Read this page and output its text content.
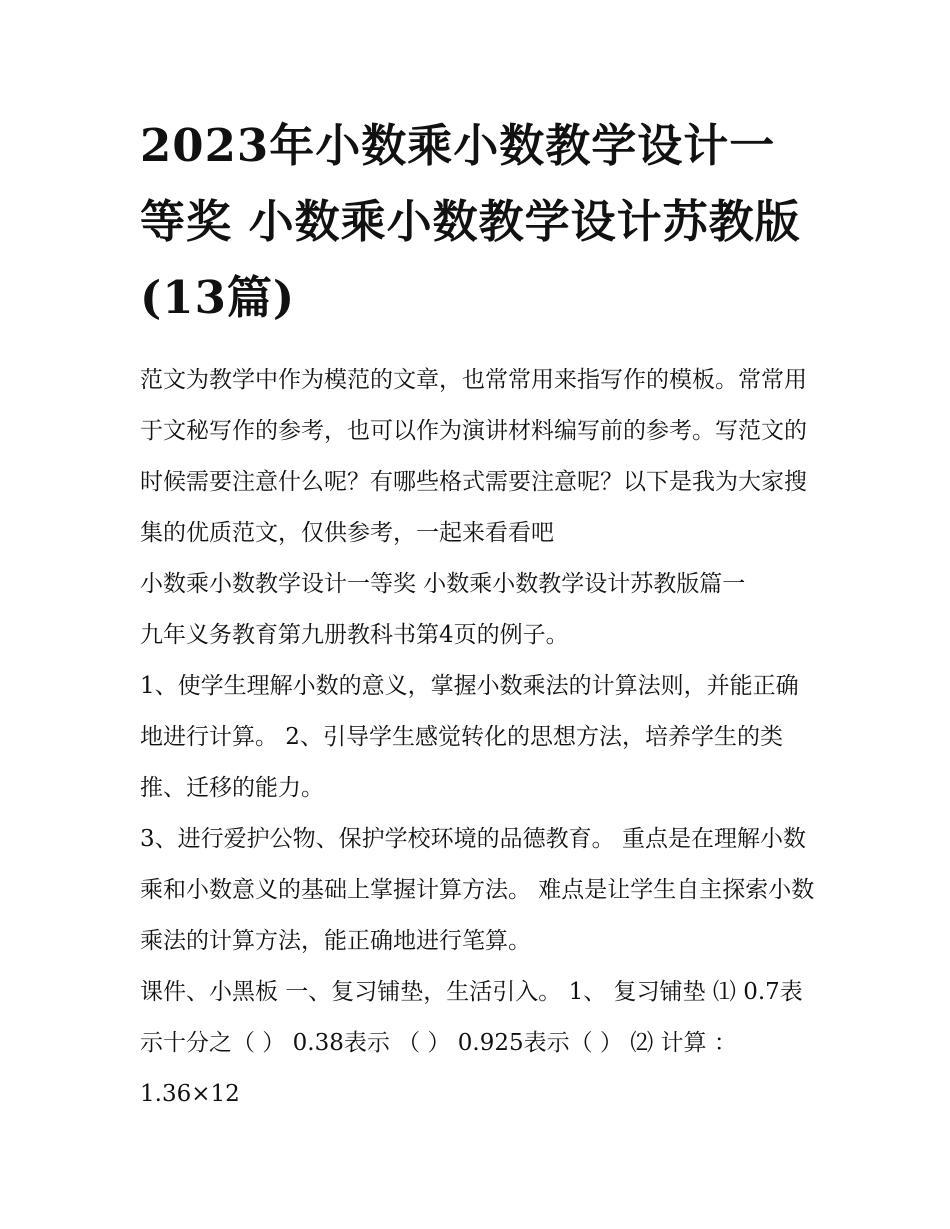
2023年小数乘小数教学设计一等奖 小数乘小数教学设计苏教版(13篇)

范文为教学中作为模范的文章，也常常用来指写作的模板。常常用于文秘写作的参考，也可以作为演讲材料编写前的参考。写范文的时候需要注意什么呢？有哪些格式需要注意呢？以下是我为大家搜集的优质范文，仅供参考，一起来看看吧

小数乘小数教学设计一等奖 小数乘小数教学设计苏教版篇一

九年义务教育第九册教科书第4页的例子。

1、使学生理解小数的意义，掌握小数乘法的计算法则，并能正确地进行计算。 2、引导学生感觉转化的思想方法，培养学生的类推、迁移的能力。

3、进行爱护公物、保护学校环境的品德教育。 重点是在理解小数乘和小数意义的基础上掌握计算方法。 难点是让学生自主探索小数乘法的计算方法，能正确地进行笔算。

课件、小黑板 一、复习铺垫，生活引入。 1、 复习铺垫 ⑴ 0.7表示十分之（ ） 0.38表示 （ ） 0.925表示（ ） ⑵ 计算 ：1.36×12
